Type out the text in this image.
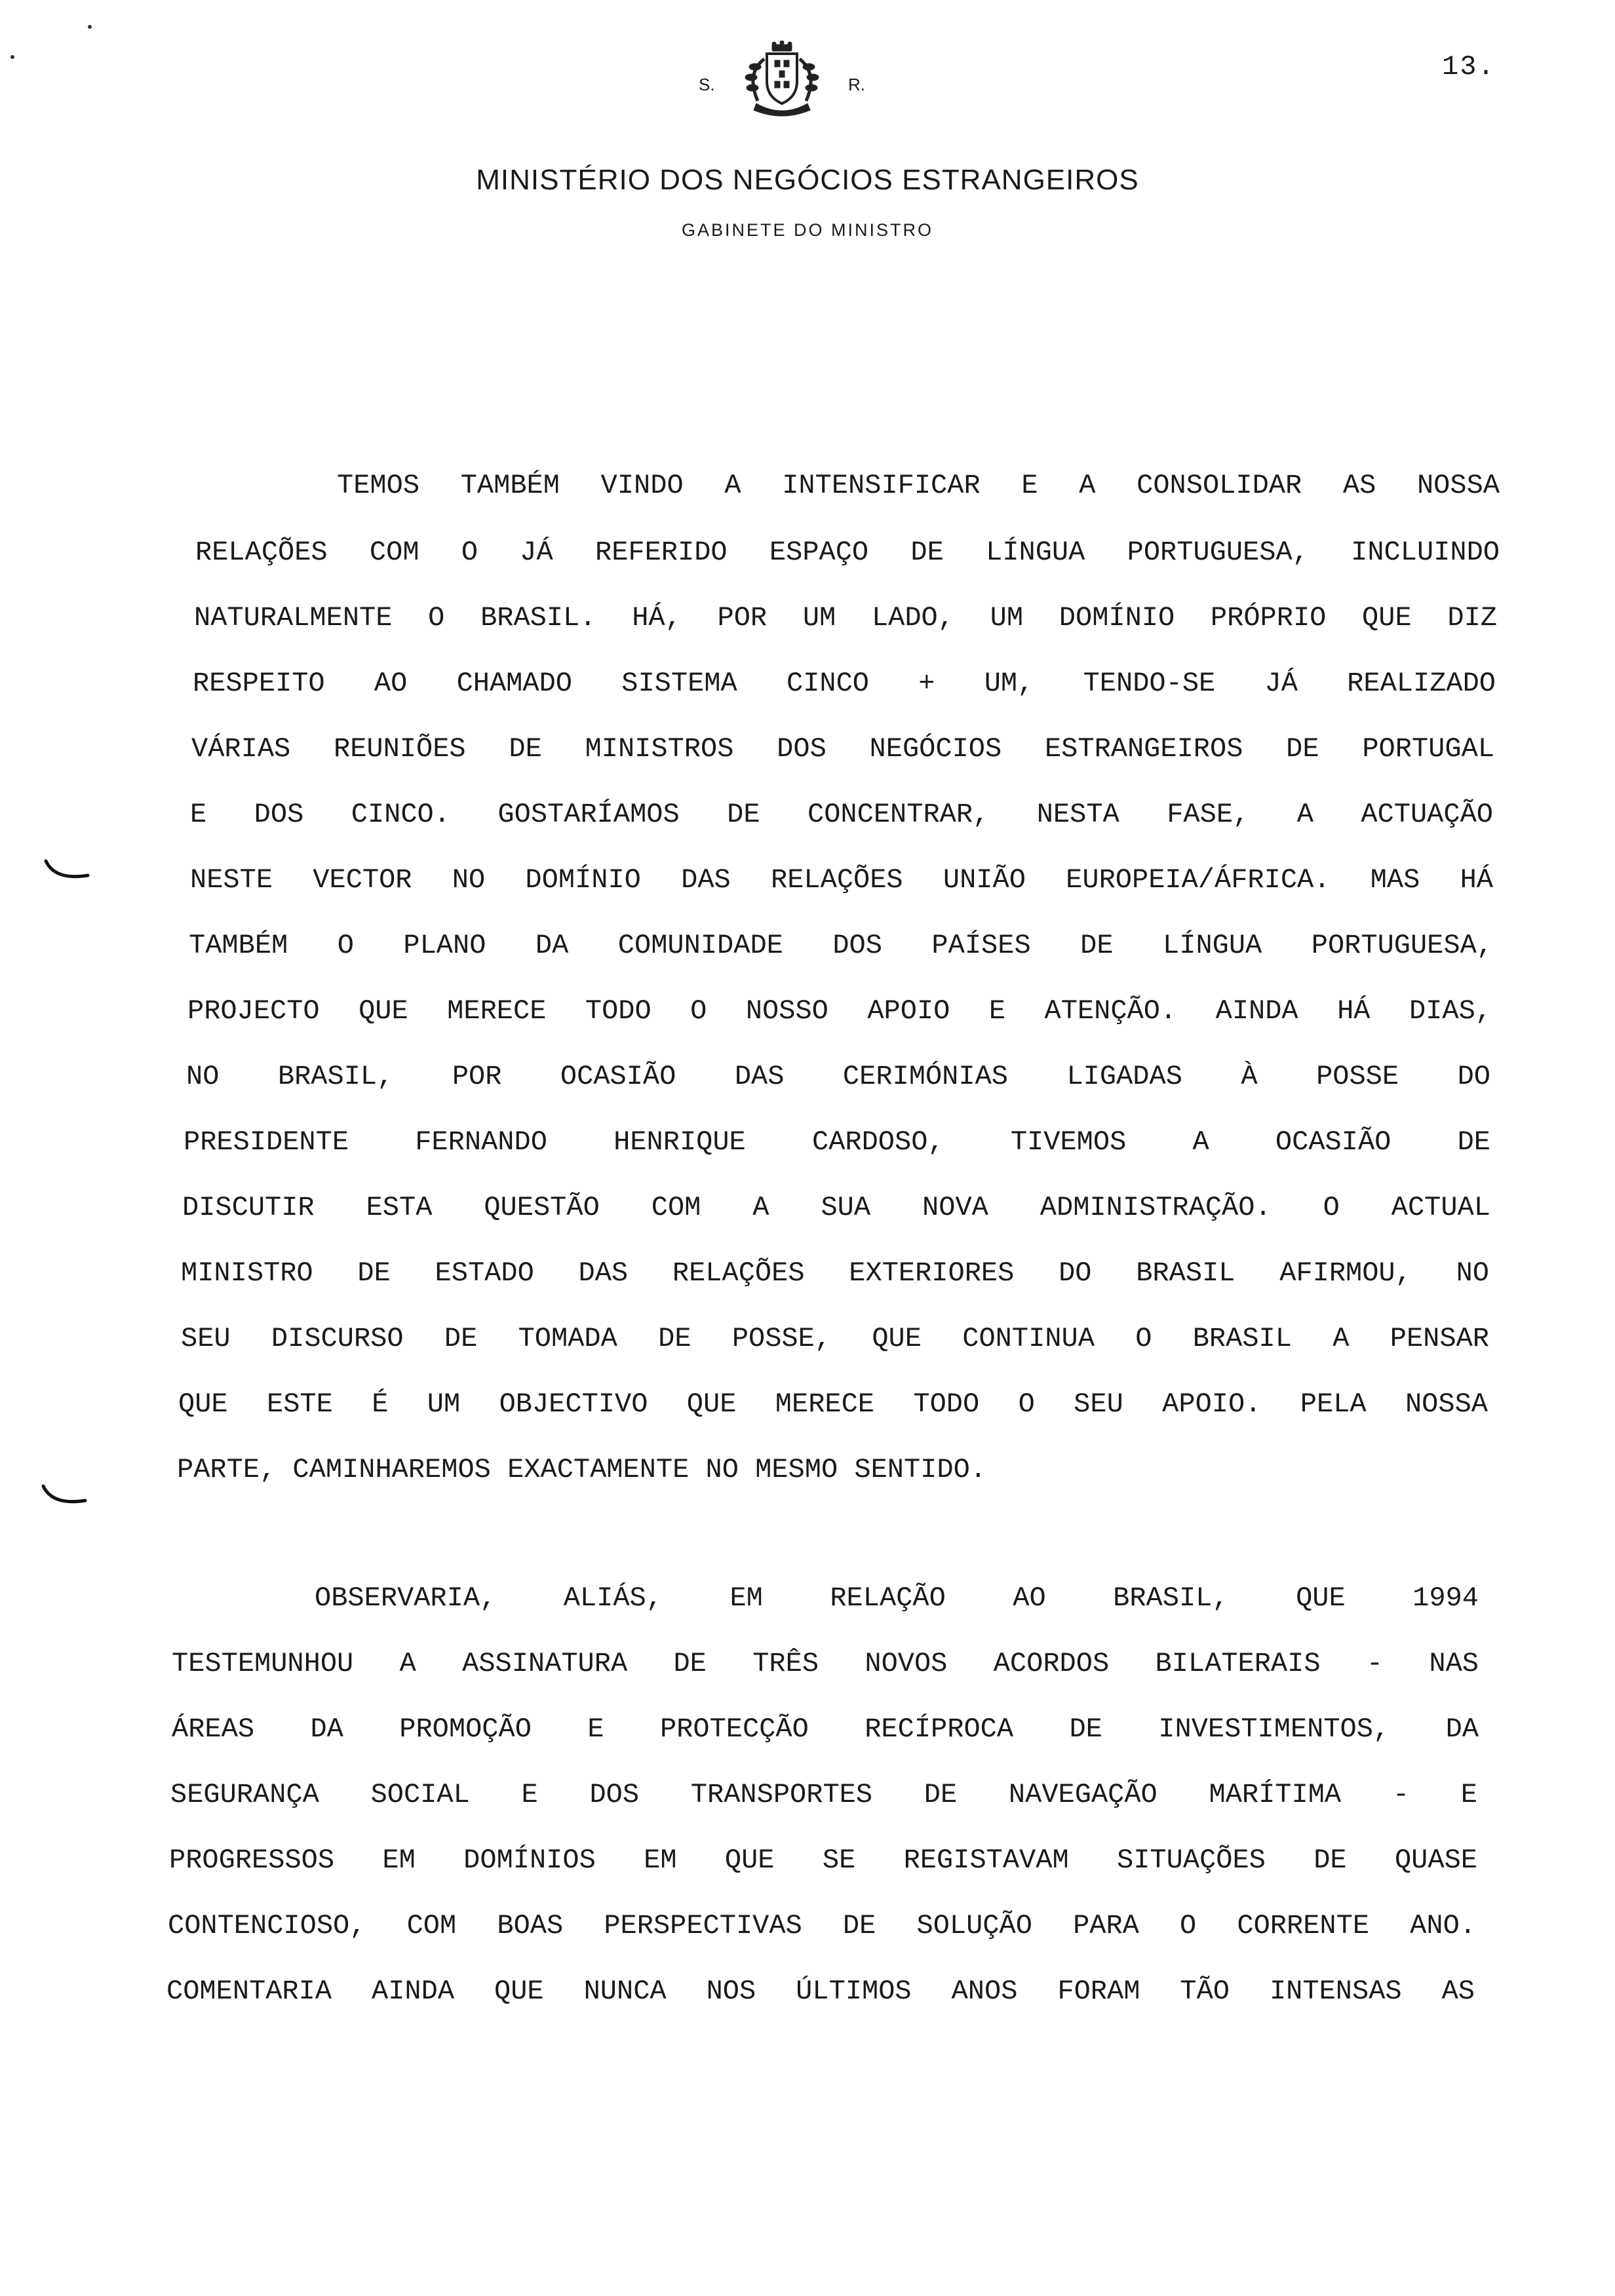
13.
S.	R.
MINISTÉRIO DOS NEGÓCIOS ESTRANGEIROS
GABINETE DO MINISTRO

TEMOS TAMBÉM VINDO A INTENSIFICAR E A CONSOLIDAR AS NOSSA

RELAÇÕES COM O JÁ REFERIDO ESPAÇO DE LÍNGUA PORTUGUESA, INCLUINDO

NATURALMENTE O BRASIL. HÁ, POR UM LADO, UM DOMÍNIO PRÓPRIO QUE DIZ

RESPEITO AO CHAMADO SISTEMA CINCO + UM, TENDO-SE JÁ REALIZADO

VÁRIAS REUNIÕES DE MINISTROS DOS NEGÓCIOS ESTRANGEIROS DE PORTUGAL

E DOS CINCO. GOSTARÍAMOS DE CONCENTRAR, NESTA FASE, A ACTUAÇÃO

NESTE VECTOR NO DOMÍNIO DAS RELAÇÕES UNIÃO EUROPEIA/ÁFRICA. MAS HÁ

TAMBÉM O PLANO DA COMUNIDADE DOS PAÍSES DE LÍNGUA PORTUGUESA,

PROJECTO QUE MERECE TODO O NOSSO APOIO E ATENÇÃO. AINDA HÁ DIAS,

NO BRASIL, POR OCASIÃO DAS CERIMÓNIAS LIGADAS À POSSE DO

PRESIDENTE FERNANDO HENRIQUE CARDOSO, TIVEMOS A OCASIÃO DE

DISCUTIR ESTA QUESTÃO COM A SUA NOVA ADMINISTRAÇÃO. O ACTUAL

MINISTRO DE ESTADO DAS RELAÇÕES EXTERIORES DO BRASIL AFIRMOU, NO

SEU DISCURSO DE TOMADA DE POSSE, QUE CONTINUA O BRASIL A PENSAR

QUE ESTE É UM OBJECTIVO QUE MERECE TODO O SEU APOIO. PELA NOSSA

PARTE, CAMINHAREMOS EXACTAMENTE NO MESMO SENTIDO.

OBSERVARIA, ALIÁS, EM RELAÇÃO AO BRASIL, QUE 1994

TESTEMUNHOU A ASSINATURA DE TRÊS NOVOS ACORDOS BILATERAIS - NAS

ÁREAS DA PROMOÇÃO E PROTECÇÃO RECÍPROCA DE INVESTIMENTOS, DA

SEGURANÇA SOCIAL E DOS TRANSPORTES DE NAVEGAÇÃO MARÍTIMA - E

PROGRESSOS EM DOMÍNIOS EM QUE SE REGISTAVAM SITUAÇÕES DE QUASE

CONTENCIOSO, COM BOAS PERSPECTIVAS DE SOLUÇÃO PARA O CORRENTE ANO.

COMENTARIA AINDA QUE NUNCA NOS ÚLTIMOS ANOS FORAM TÃO INTENSAS AS
